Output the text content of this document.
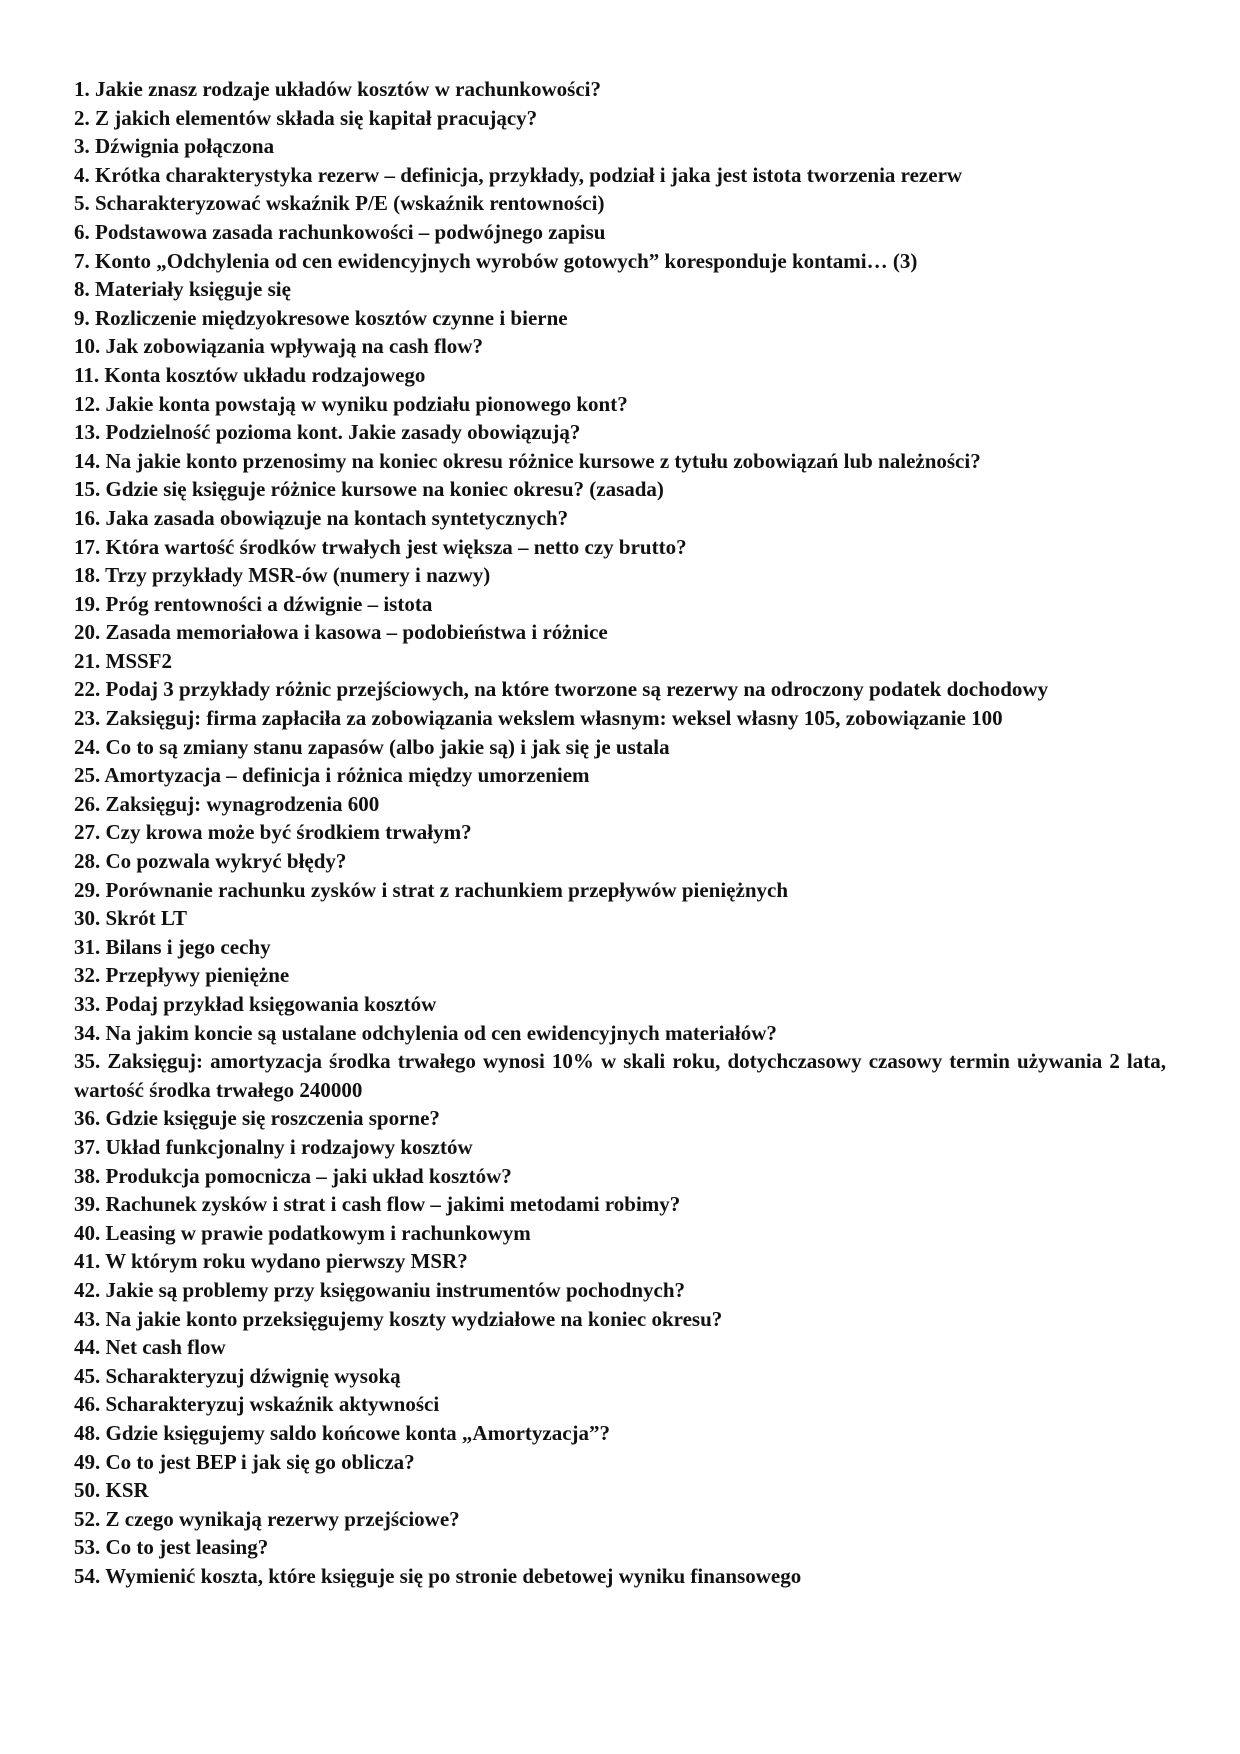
1. Jakie znasz rodzaje układów kosztów w rachunkowości?

2. Z jakich elementów składa się kapitał pracujący?

3. Dźwignia połączona

4. Krótka charakterystyka rezerw – definicja, przykłady, podział i jaka jest istota tworzenia rezerw

5. Scharakteryzować wskaźnik P/E (wskaźnik rentowności)

6. Podstawowa zasada rachunkowości – podwójnego zapisu

7. Konto „Odchylenia od cen ewidencyjnych wyrobów gotowych” koresponduje kontami… (3)

8. Materiały księguje się

9. Rozliczenie międzyokresowe kosztów czynne i bierne

10. Jak zobowiązania wpływają na cash flow?

11. Konta kosztów układu rodzajowego

12. Jakie konta powstają w wyniku podziału pionowego kont?

13. Podzielność pozioma kont. Jakie zasady obowiązują?

14. Na jakie konto przenosimy na koniec okresu różnice kursowe z tytułu zobowiązań lub należności?

15. Gdzie się księguje różnice kursowe na koniec okresu? (zasada)

16. Jaka zasada obowiązuje na kontach syntetycznych?

17. Która wartość środków trwałych jest większa – netto czy brutto?

18. Trzy przykłady MSR-ów (numery i nazwy)

19. Próg rentowności a dźwignie – istota

20. Zasada memoriałowa i kasowa – podobieństwa i różnice

21. MSSF2

22. Podaj 3 przykłady różnic przejściowych, na które tworzone są rezerwy na odroczony podatek dochodowy

23. Zaksięguj: firma zapłaciła za zobowiązania wekslem własnym: weksel własny 105, zobowiązanie 100

24. Co to są zmiany stanu zapasów (albo jakie są) i jak się je ustala

25. Amortyzacja – definicja i różnica między umorzeniem

26. Zaksięguj: wynagrodzenia 600

27. Czy krowa może być środkiem trwałym?

28. Co pozwala wykryć błędy?

29. Porównanie rachunku zysków i strat z rachunkiem przepływów pieniężnych

30. Skrót LT

31. Bilans i jego cechy

32. Przepływy pieniężne

33. Podaj przykład księgowania kosztów

34. Na jakim koncie są ustalane odchylenia od cen ewidencyjnych materiałów?

35. Zaksięguj: amortyzacja środka trwałego wynosi 10% w skali roku, dotychczasowy czasowy termin używania 2 lata, wartość środka trwałego 240000

36. Gdzie księguje się roszczenia sporne?

37. Układ funkcjonalny i rodzajowy kosztów

38. Produkcja pomocnicza – jaki układ kosztów?

39. Rachunek zysków i strat i cash flow – jakimi metodami robimy?

40. Leasing w prawie podatkowym i rachunkowym

41. W którym roku wydano pierwszy MSR?

42. Jakie są problemy przy księgowaniu instrumentów pochodnych?

43. Na jakie konto przeksięgujemy koszty wydziałowe na koniec okresu?

44. Net cash flow

45. Scharakteryzuj dźwignię wysoką

46. Scharakteryzuj wskaźnik aktywności

48. Gdzie księgujemy saldo końcowe konta „Amortyzacja”?

49. Co to jest BEP i jak się go oblicza?

50. KSR

52. Z czego wynikają rezerwy przejściowe?

53. Co to jest leasing?

54. Wymienić koszta, które księguje się po stronie debetowej wyniku finansowego
